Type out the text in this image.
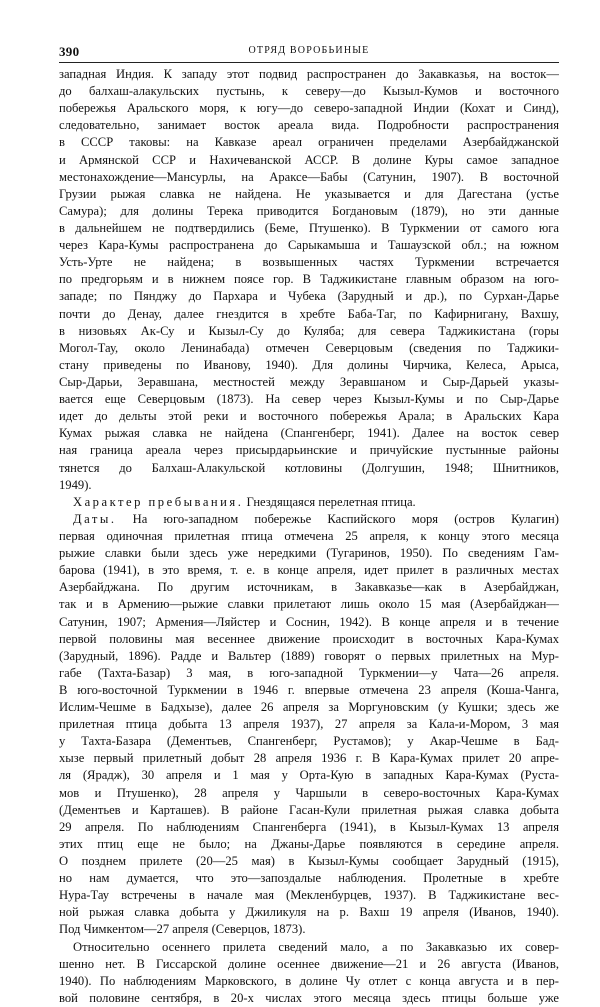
390	ОТРЯД ВОРОБЬИНЫЕ
западная Индия. К западу этот подвид распространен до Закавказья, на восток—
до балхаш-алакульских пустынь, к северу—до Кызыл-Кумов и восточного
побережья Аральского моря, к югу—до северо-западной Индии (Кохат и Синд),
следовательно, занимает восток ареала вида. Подробности распространения
в СССР таковы: на Кавказе ареал ограничен пределами Азербайджанской
и Армянской ССР и Нахичеванской АССР. В долине Куры самое западное
местонахождение—Мансурлы, на Араксе—Бабы (Сатунин, 1907). В восточной
Грузии рыжая славка не найдена. Не указывается и для Дагестана (устье
Самура); для долины Терека приводится Богдановым (1879), но эти данные
в дальнейшем не подтвердились (Беме, Птушенко). В Туркмении от самого юга
через Кара-Кумы распространена до Сарыкамыша и Ташаузской обл.; на южном
Усть-Урте не найдена; в возвышенных частях Туркмении встречается
по предгорьям и в нижнем поясе гор. В Таджикистане главным образом на юго-
западе; по Пянджу до Пархара и Чубека (Зарудный и др.), по Сурхан-Дарье
почти до Денау, далее гнездится в хребте Баба-Таг, по Кафирнигану, Вахшу,
в низовьях Ак-Су и Кызыл-Су до Куляба; для севера Таджикистана (горы
Могол-Тау, около Ленинабада) отмечен Северцовым (сведения по Таджики-
стану приведены по Иванову, 1940). Для долины Чирчика, Келеса, Арыса,
Сыр-Дарьи, Зеравшана, местностей между Зеравшаном и Сыр-Дарьей указы-
вается еще Северцовым (1873). На север через Кызыл-Кумы и по Сыр-Дарье
идет до дельты этой реки и восточного побережья Арала; в Аральских Кара
Кумах рыжая славка не найдена (Спангенберг, 1941). Далее на восток север
ная граница ареала через присырдарьинские и причуйские пустынные районы
тянется до Балхаш-Алакульской котловины (Долгушин, 1948; Шнитников,
1949).
Характер пребывания. Гнездящаяся перелетная птица.
Даты. На юго-западном побережье Каспийского моря (остров Кулагин)
первая одиночная прилетная птица отмечена 25 апреля, к концу этого месяца
рыжие славки были здесь уже нередкими (Тугаринов, 1950). По сведениям Гам-
барова (1941), в это время, т. е. в конце апреля, идет прилет в различных местах
Азербайджана. По другим источникам, в Закавказье—как в Азербайджан,
так и в Армению—рыжие славки прилетают лишь около 15 мая (Азербайджан—
Сатунин, 1907; Армения—Ляйстер и Соснин, 1942). В конце апреля и в течение
первой половины мая весеннее движение происходит в восточных Кара-Кумах
(Зарудный, 1896). Радде и Вальтер (1889) говорят о первых прилетных на Мур-
габе (Тахта-Базар) 3 мая, в юго-западной Туркмении—у Чата—26 апреля.
В юго-восточной Туркмении в 1946 г. впервые отмечена 23 апреля (Коша-Чанга,
Ислим-Чешме в Бадхызе), далее 26 апреля за Моргуновским (у Кушки; здесь же
прилетная птица добыта 13 апреля 1937), 27 апреля за Кала-и-Мором, 3 мая
у Тахта-Базара (Дементьев, Спангенберг, Рустамов); у Акар-Чешме в Бад-
хызе первый прилетный добыт 28 апреля 1936 г. В Кара-Кумах прилет 20 апре-
ля (Ярадж), 30 апреля и 1 мая у Орта-Кую в западных Кара-Кумах (Руста-
мов и Птушенко), 28 апреля у Чаршыли в северо-восточных Кара-Кумах
(Дементьев и Карташев). В районе Гасан-Кули прилетная рыжая славка добыта
29 апреля. По наблюдениям Спангенберга (1941), в Кызыл-Кумах 13 апреля
этих птиц еще не было; на Джаны-Дарье появляются в середине апреля.
О позднем прилете (20—25 мая) в Кызыл-Кумы сообщает Зарудный (1915),
но нам думается, что это—запоздалые наблюдения. Пролетные в хребте
Нура-Тау встречены в начале мая (Мекленбурцев, 1937). В Таджикистане вес-
ной рыжая славка добыта у Джиликуля на р. Вахш 19 апреля (Иванов, 1940).
Под Чимкентом—27 апреля (Северцов, 1873).
Относительно осеннего прилета сведений мало, а по Закавказью их совер-
шенно нет. В Гиссарской долине осеннее движение—21 и 26 августа (Иванов,
1940). По наблюдениям Марковского, в долине Чу отлет с конца августа и в пер-
вой половине сентября, в 20-х числах этого месяца здесь птицы больше уже
